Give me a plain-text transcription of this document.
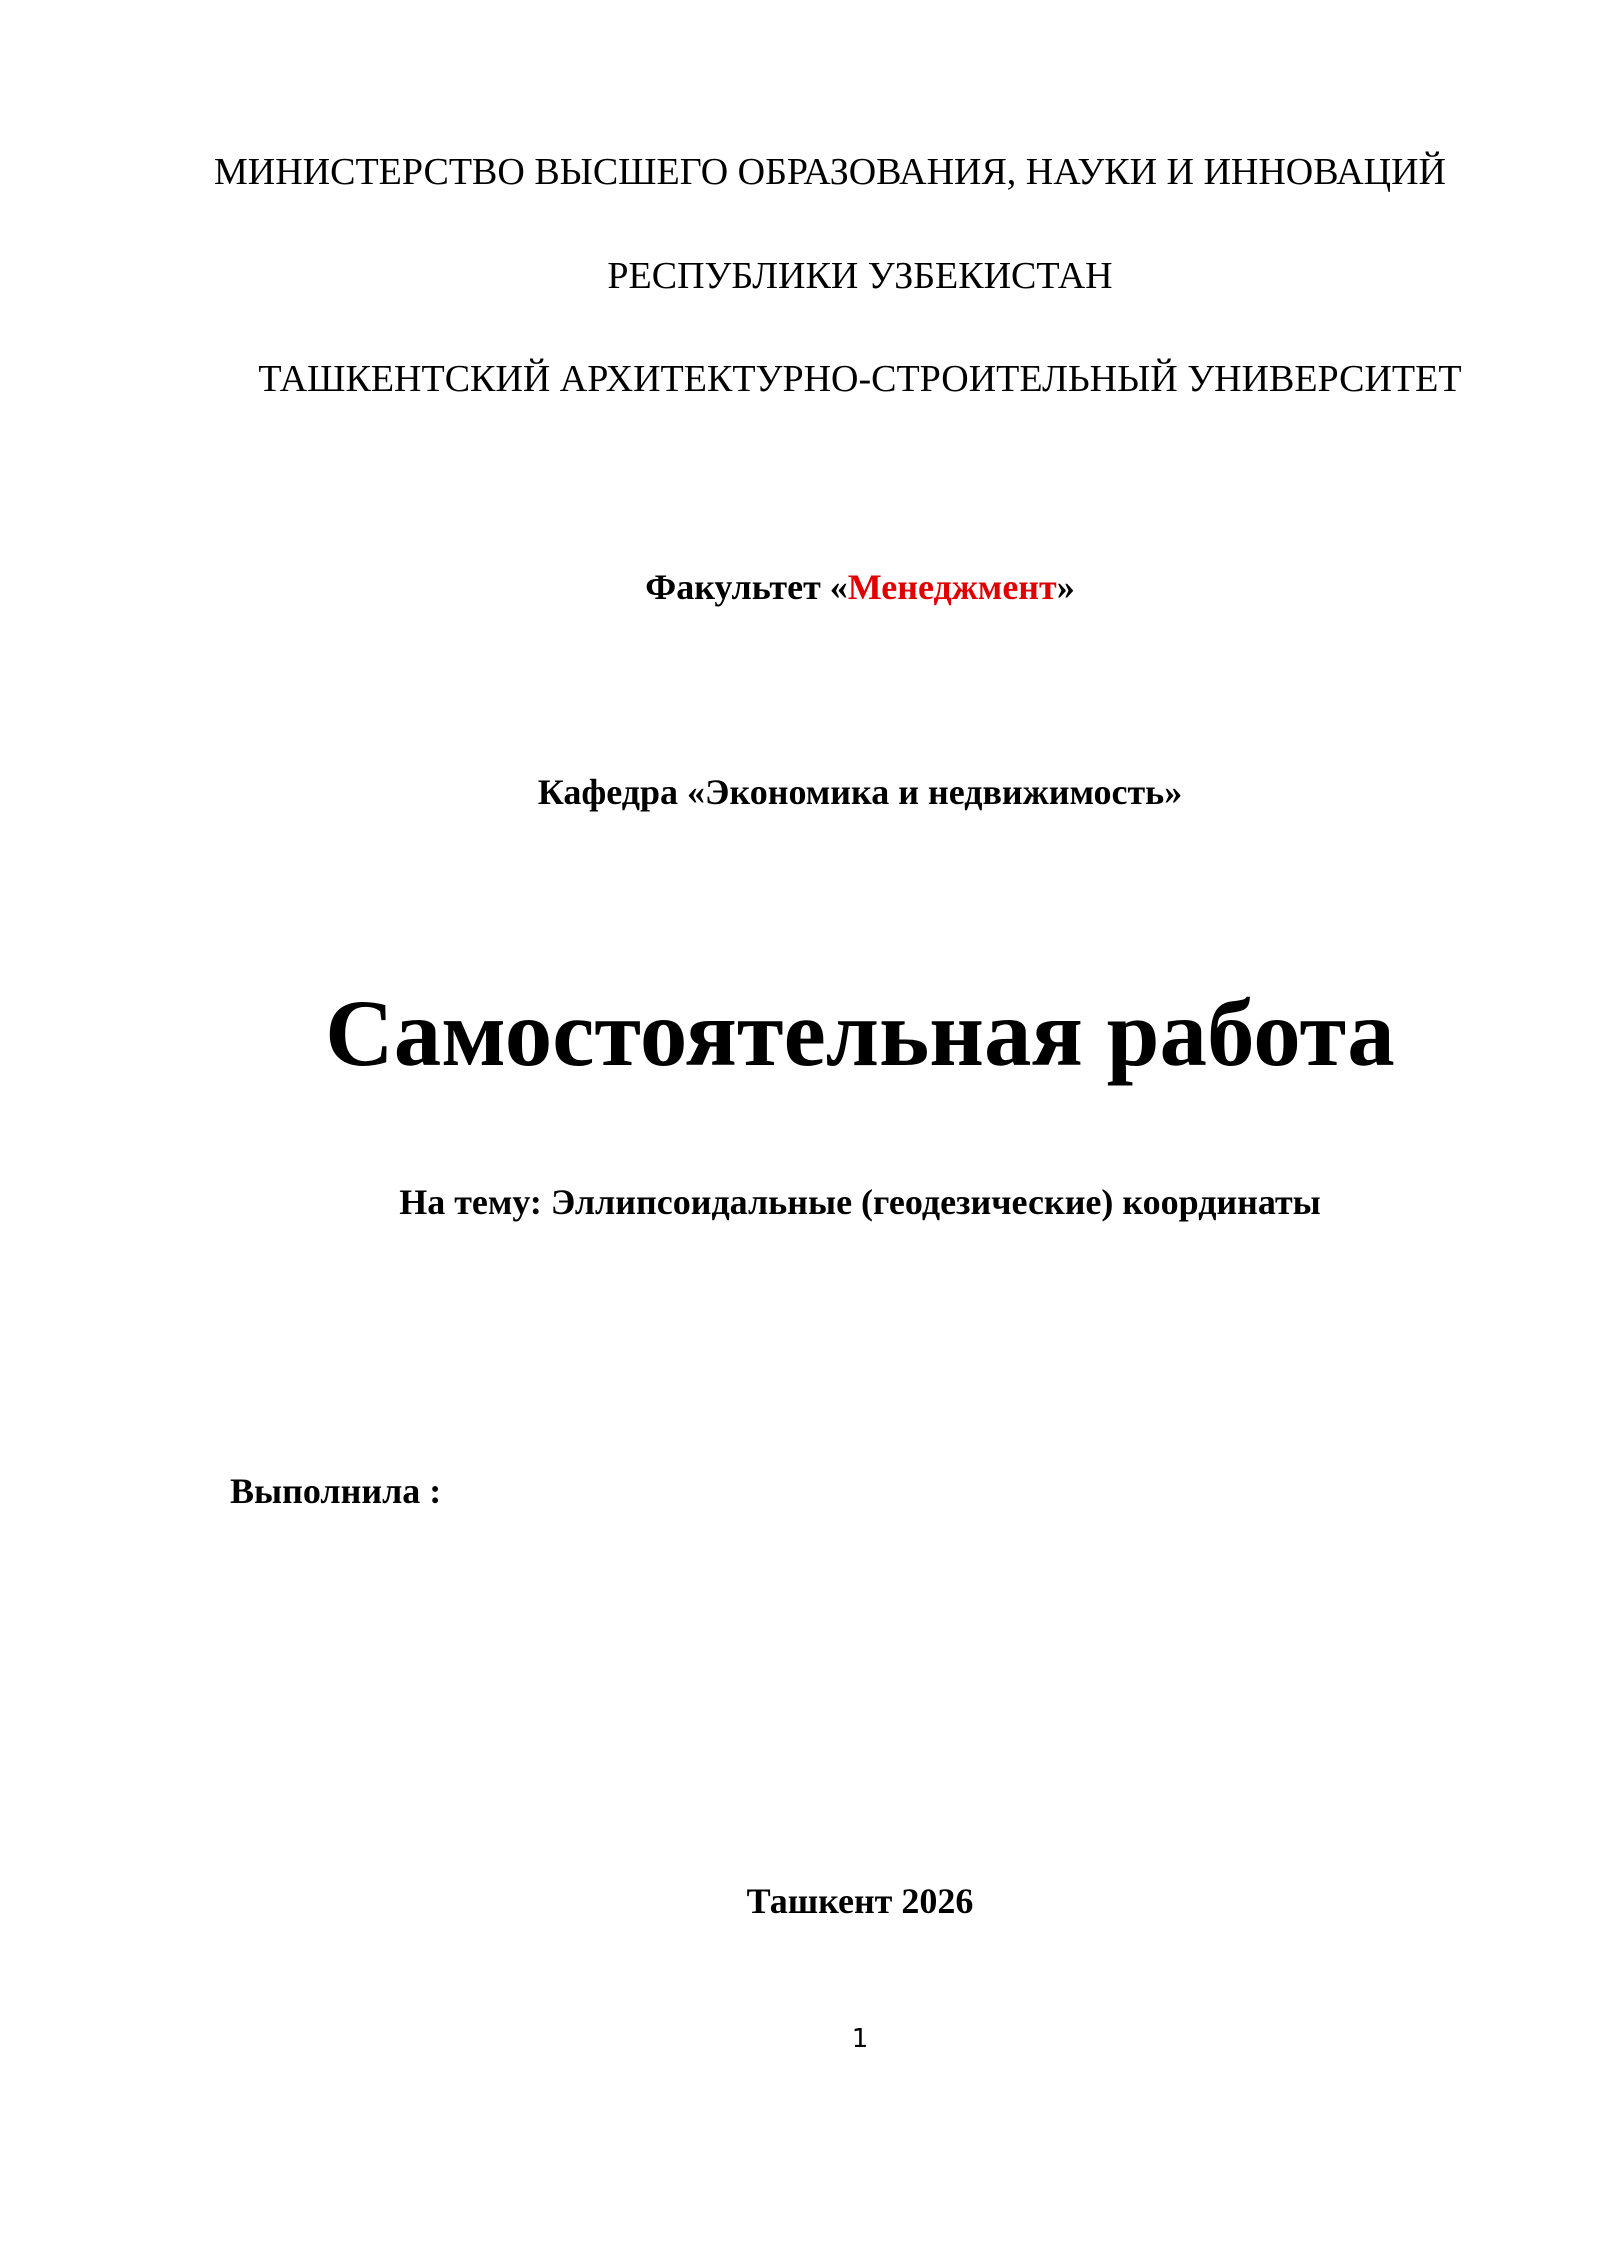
МИНИСТЕРСТВО ВЫСШЕГО ОБРАЗОВАНИЯ, НАУКИ И ИННОВАЦИЙ
РЕСПУБЛИКИ УЗБЕКИСТАН
ТАШКЕНТСКИЙ АРХИТЕКТУРНО-СТРОИТЕЛЬНЫЙ УНИВЕРСИТЕТ
Факультет «Менеджмент»
Кафедра «Экономика и недвижимость»
Самостоятельная работа
На тему: Эллипсоидальные (геодезические) координаты
Выполнила :
Ташкент 2026
1
